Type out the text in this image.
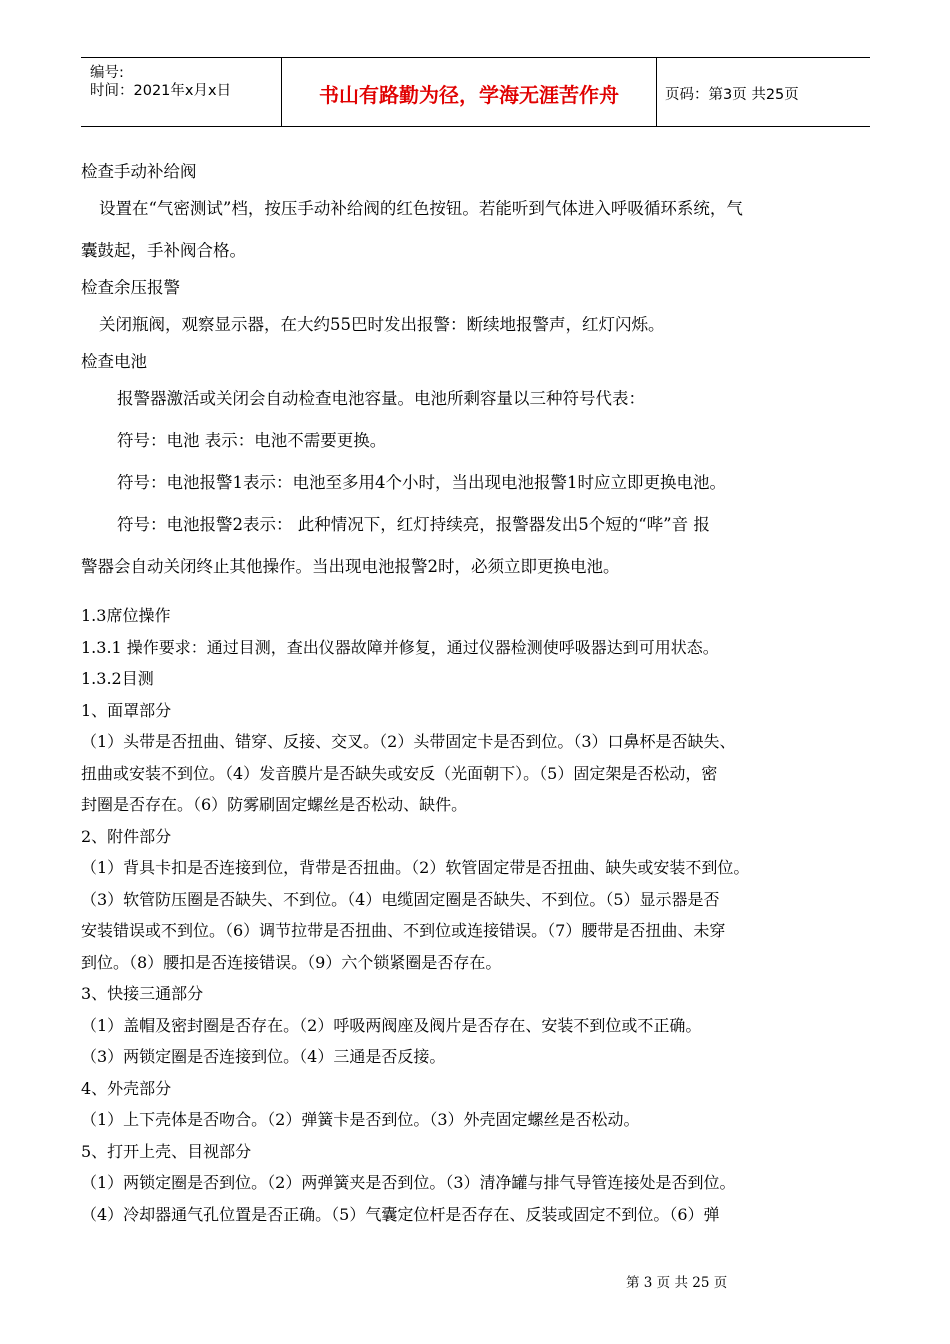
编号:
时间：2021年x月x日	书山有路勤为径，学海无涯苦作舟	页码：第3页 共25页

检查手动补给阀

设置在“气密测试”档，按压手动补给阀的红色按钮。若能听到气体进入呼吸循环系统，气

囊鼓起，手补阀合格。

检查余压报警

关闭瓶阀，观察显示器，在大约55巴时发出报警：断续地报警声，红灯闪烁。

检查电池

报警器激活或关闭会自动检查电池容量。电池所剩容量以三种符号代表：

符号：电池 表示：电池不需要更换。

符号：电池报警1表示：电池至多用4个小时，当出现电池报警1时应立即更换电池。

符号：电池报警2表示： 此种情况下，红灯持续亮，报警器发出5个短的“哔”音 报

警器会自动关闭终止其他操作。当出现电池报警2时，必须立即更换电池。

1.3席位操作

1.3.1 操作要求：通过目测，查出仪器故障并修复，通过仪器检测使呼吸器达到可用状态。

1.3.2目测

1、面罩部分

（1）头带是否扭曲、错穿、反接、交叉。（2）头带固定卡是否到位。（3）口鼻杯是否缺失、

扭曲或安装不到位。（4）发音膜片是否缺失或安反（光面朝下）。（5）固定架是否松动，密

封圈是否存在。（6）防雾刷固定螺丝是否松动、缺件。

2、附件部分

（1）背具卡扣是否连接到位，背带是否扭曲。（2）软管固定带是否扭曲、缺失或安装不到位。

（3）软管防压圈是否缺失、不到位。（4）电缆固定圈是否缺失、不到位。（5）显示器是否

安装错误或不到位。（6）调节拉带是否扭曲、不到位或连接错误。（7）腰带是否扭曲、未穿

到位。（8）腰扣是否连接错误。（9）六个锁紧圈是否存在。

3、快接三通部分

（1）盖帽及密封圈是否存在。（2）呼吸两阀座及阀片是否存在、安装不到位或不正确。

（3）两锁定圈是否连接到位。（4）三通是否反接。

4、外壳部分

（1）上下壳体是否吻合。（2）弹簧卡是否到位。（3）外壳固定螺丝是否松动。

5、打开上壳、目视部分

（1）两锁定圈是否到位。（2）两弹簧夹是否到位。（3）清净罐与排气导管连接处是否到位。

（4）冷却器通气孔位置是否正确。（5）气囊定位杆是否存在、反装或固定不到位。（6）弹

第 3 页 共 25 页
